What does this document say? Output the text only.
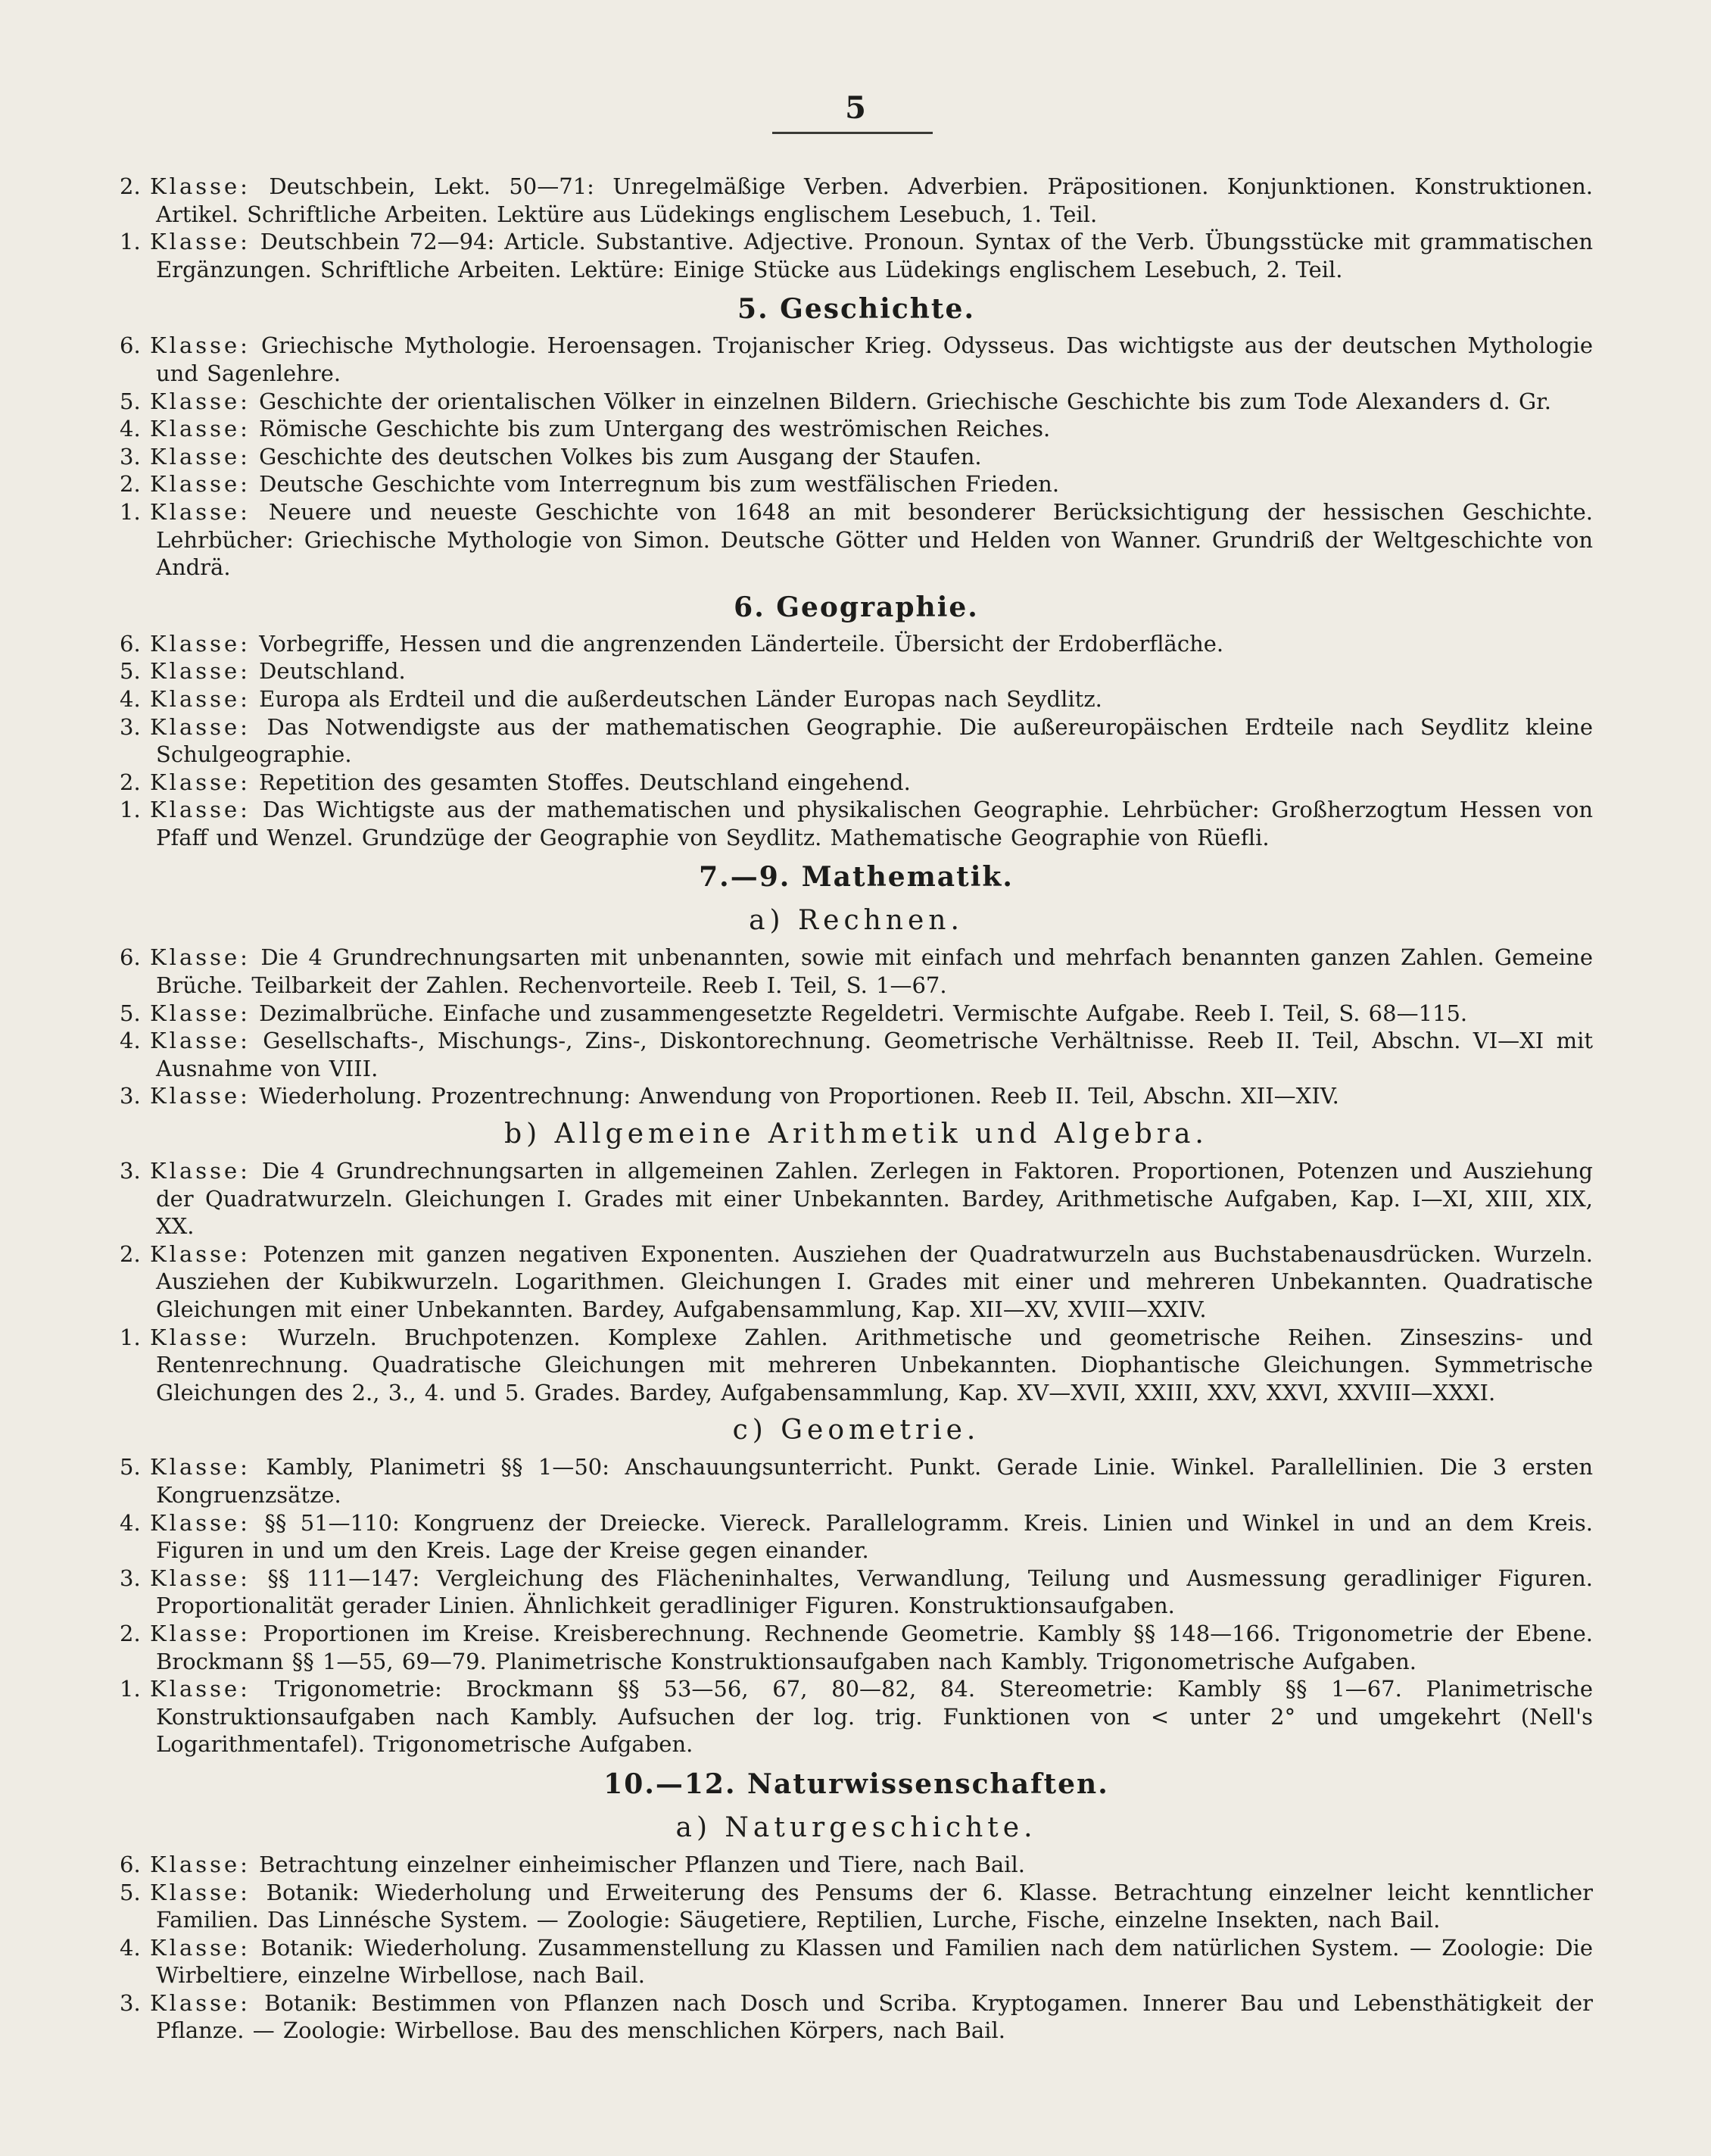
5
2. Klasse: Deutschbein, Lekt. 50—71: Unregelmäßige Verben. Adverbien. Präpositionen. Konjunktionen. Konstruktionen. Artikel. Schriftliche Arbeiten. Lektüre aus Lüdekings englischem Lesebuch, 1. Teil.
1. Klasse: Deutschbein 72—94: Article. Substantive. Adjective. Pronoun. Syntax of the Verb. Übungsstücke mit grammatischen Ergänzungen. Schriftliche Arbeiten. Lektüre: Einige Stücke aus Lüdekings englischem Lesebuch, 2. Teil.
5. Geschichte.
6. Klasse: Griechische Mythologie. Heroensagen. Trojanischer Krieg. Odysseus. Das wichtigste aus der deutschen Mythologie und Sagenlehre.
5. Klasse: Geschichte der orientalischen Völker in einzelnen Bildern. Griechische Geschichte bis zum Tode Alexanders d. Gr.
4. Klasse: Römische Geschichte bis zum Untergang des weströmischen Reiches.
3. Klasse: Geschichte des deutschen Volkes bis zum Ausgang der Staufen.
2. Klasse: Deutsche Geschichte vom Interregnum bis zum westfälischen Frieden.
1. Klasse: Neuere und neueste Geschichte von 1648 an mit besonderer Berücksichtigung der hessischen Geschichte. Lehrbücher: Griechische Mythologie von Simon. Deutsche Götter und Helden von Wanner. Grundriß der Weltgeschichte von Andrä.
6. Geographie.
6. Klasse: Vorbegriffe, Hessen und die angrenzenden Länderteile. Übersicht der Erdoberfläche.
5. Klasse: Deutschland.
4. Klasse: Europa als Erdteil und die außerdeutschen Länder Europas nach Seydlitz.
3. Klasse: Das Notwendigste aus der mathematischen Geographie. Die außereuropäischen Erdteile nach Seydlitz kleine Schulgeographie.
2. Klasse: Repetition des gesamten Stoffes. Deutschland eingehend.
1. Klasse: Das Wichtigste aus der mathematischen und physikalischen Geographie. Lehrbücher: Großherzogtum Hessen von Pfaff und Wenzel. Grundzüge der Geographie von Seydlitz. Mathematische Geographie von Rüefli.
7.—9. Mathematik.
a) Rechnen.
6. Klasse: Die 4 Grundrechnungsarten mit unbenannten, sowie mit einfach und mehrfach benannten ganzen Zahlen. Gemeine Brüche. Teilbarkeit der Zahlen. Rechenvorteile. Reeb I. Teil, S. 1—67.
5. Klasse: Dezimalbrüche. Einfache und zusammengesetzte Regeldetri. Vermischte Aufgabe. Reeb I. Teil, S. 68—115.
4. Klasse: Gesellschafts-, Mischungs-, Zins-, Diskontorechnung. Geometrische Verhältnisse. Reeb II. Teil, Abschn. VI—XI mit Ausnahme von VIII.
3. Klasse: Wiederholung. Prozentrechnung: Anwendung von Proportionen. Reeb II. Teil, Abschn. XII—XIV.
b) Allgemeine Arithmetik und Algebra.
3. Klasse: Die 4 Grundrechnungsarten in allgemeinen Zahlen. Zerlegen in Faktoren. Proportionen, Potenzen und Ausziehung der Quadratwurzeln. Gleichungen I. Grades mit einer Unbekannten. Bardey, Arithmetische Aufgaben, Kap. I—XI, XIII, XIX, XX.
2. Klasse: Potenzen mit ganzen negativen Exponenten. Ausziehen der Quadratwurzeln aus Buchstabenausdrücken. Wurzeln. Ausziehen der Kubikwurzeln. Logarithmen. Gleichungen I. Grades mit einer und mehreren Unbekannten. Quadratische Gleichungen mit einer Unbekannten. Bardey, Aufgabensammlung, Kap. XII—XV, XVIII—XXIV.
1. Klasse: Wurzeln. Bruchpotenzen. Komplexe Zahlen. Arithmetische und geometrische Reihen. Zinseszins- und Rentenrechnung. Quadratische Gleichungen mit mehreren Unbekannten. Diophantische Gleichungen. Symmetrische Gleichungen des 2., 3., 4. und 5. Grades. Bardey, Aufgabensammlung, Kap. XV—XVII, XXIII, XXV, XXVI, XXVIII—XXXI.
c) Geometrie.
5. Klasse: Kambly, Planimetri §§ 1—50: Anschauungsunterricht. Punkt. Gerade Linie. Winkel. Parallellinien. Die 3 ersten Kongruenzsätze.
4. Klasse: §§ 51—110: Kongruenz der Dreiecke. Viereck. Parallelogramm. Kreis. Linien und Winkel in und an dem Kreis. Figuren in und um den Kreis. Lage der Kreise gegen einander.
3. Klasse: §§ 111—147: Vergleichung des Flächeninhaltes, Verwandlung, Teilung und Ausmessung geradliniger Figuren. Proportionalität gerader Linien. Ähnlichkeit geradliniger Figuren. Konstruktionsaufgaben.
2. Klasse: Proportionen im Kreise. Kreisberechnung. Rechnende Geometrie. Kambly §§ 148—166. Trigonometrie der Ebene. Brockmann §§ 1—55, 69—79. Planimetrische Konstruktionsaufgaben nach Kambly. Trigonometrische Aufgaben.
1. Klasse: Trigonometrie: Brockmann §§ 53—56, 67, 80—82, 84. Stereometrie: Kambly §§ 1—67. Planimetrische Konstruktionsaufgaben nach Kambly. Aufsuchen der log. trig. Funktionen von < unter 2° und umgekehrt (Nell's Logarithmentafel). Trigonometrische Aufgaben.
10.—12. Naturwissenschaften.
a) Naturgeschichte.
6. Klasse: Betrachtung einzelner einheimischer Pflanzen und Tiere, nach Bail.
5. Klasse: Botanik: Wiederholung und Erweiterung des Pensums der 6. Klasse. Betrachtung einzelner leicht kenntlicher Familien. Das Linnésche System. — Zoologie: Säugetiere, Reptilien, Lurche, Fische, einzelne Insekten, nach Bail.
4. Klasse: Botanik: Wiederholung. Zusammenstellung zu Klassen und Familien nach dem natürlichen System. — Zoologie: Die Wirbeltiere, einzelne Wirbellose, nach Bail.
3. Klasse: Botanik: Bestimmen von Pflanzen nach Dosch und Scriba. Kryptogamen. Innerer Bau und Lebensthätigkeit der Pflanze. — Zoologie: Wirbellose. Bau des menschlichen Körpers, nach Bail.
